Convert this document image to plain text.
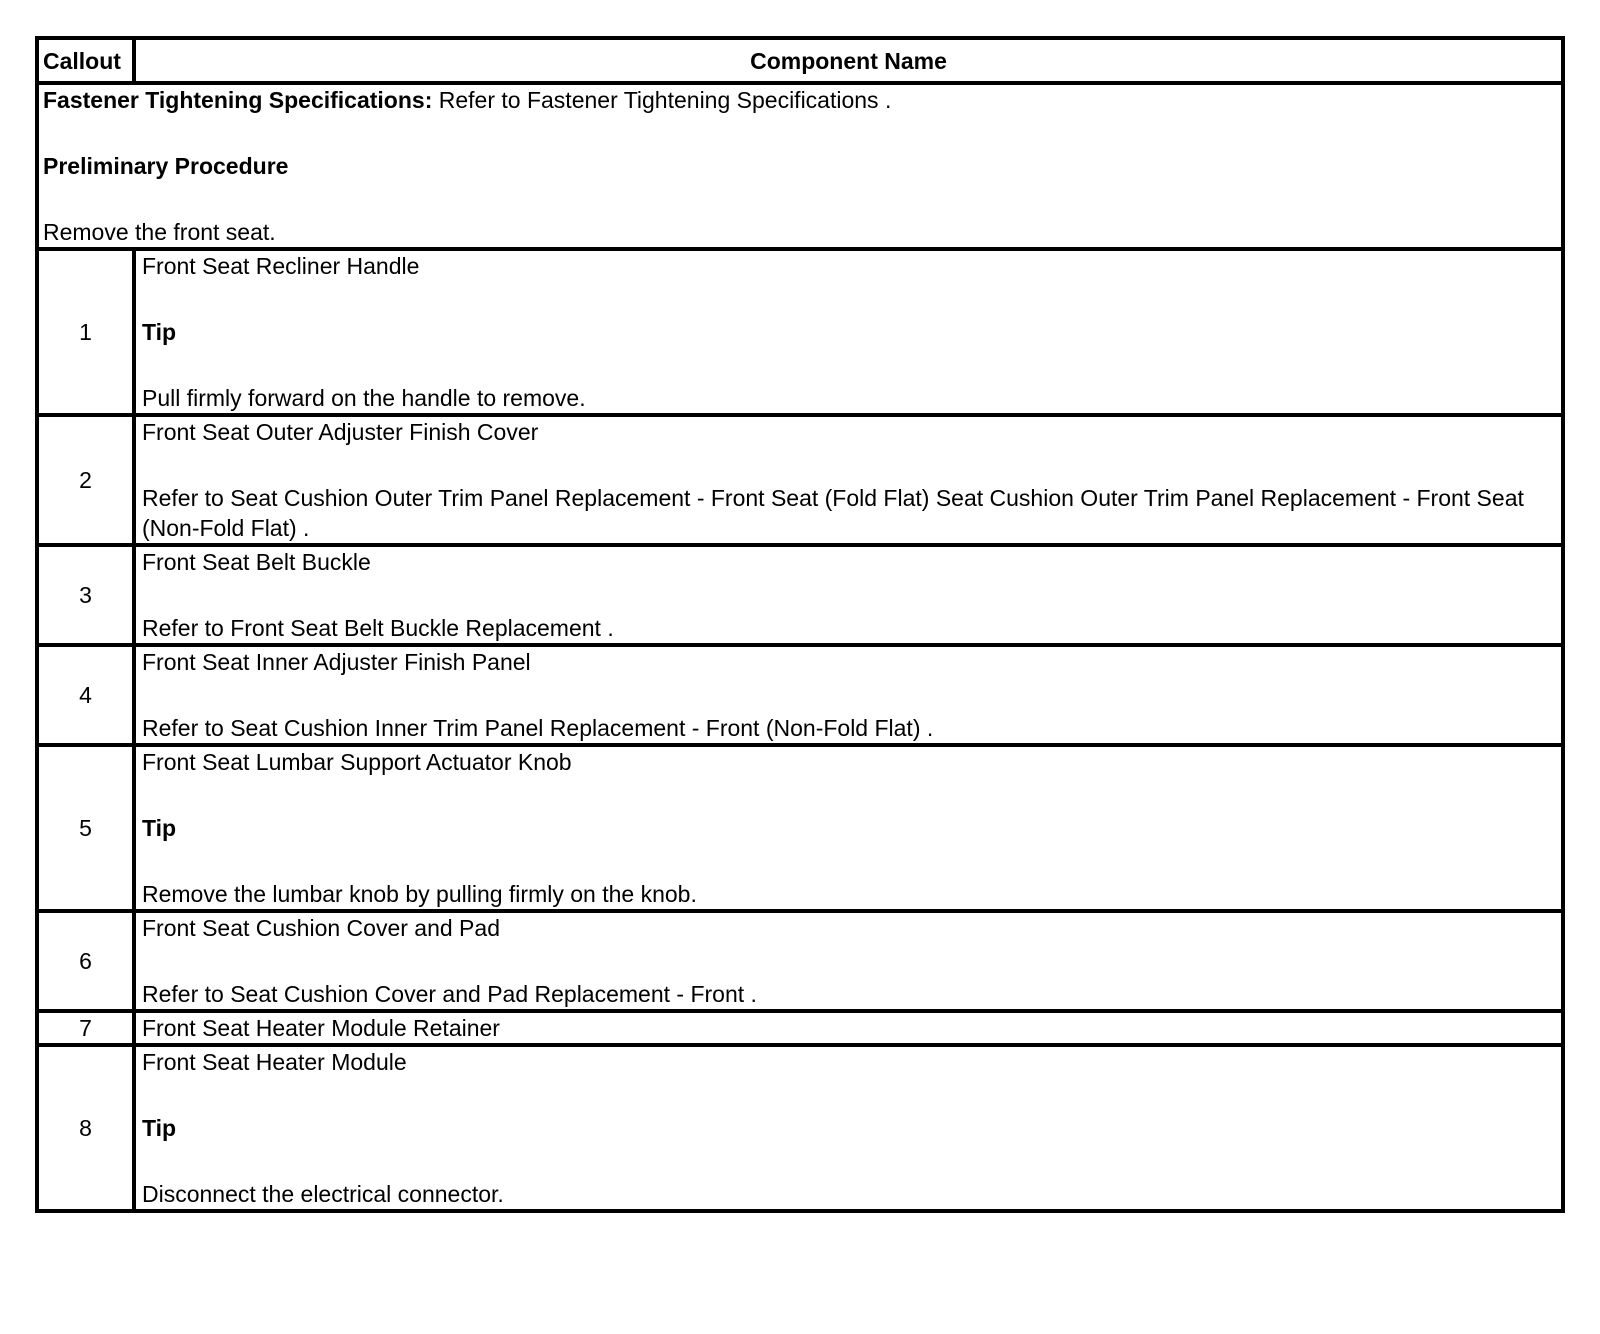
Callout	Component Name

Fastener Tightening Specifications: Refer to Fastener Tightening Specifications .
Preliminary Procedure
Remove the front seat.	

1	Front Seat Recliner Handle
Tip
Pull firmly forward on the handle to remove.

2	Front Seat Outer Adjuster Finish Cover
Refer to Seat Cushion Outer Trim Panel Replacement - Front Seat (Fold Flat) Seat Cushion Outer Trim Panel Replacement - Front Seat (Non-Fold Flat) .

3	Front Seat Belt Buckle
Refer to Front Seat Belt Buckle Replacement .

4	Front Seat Inner Adjuster Finish Panel
Refer to Seat Cushion Inner Trim Panel Replacement - Front (Non-Fold Flat) .

5	Front Seat Lumbar Support Actuator Knob
Tip
Remove the lumbar knob by pulling firmly on the knob.

6	Front Seat Cushion Cover and Pad
Refer to Seat Cushion Cover and Pad Replacement - Front .

7	Front Seat Heater Module Retainer

8	Front Seat Heater Module
Tip
Disconnect the electrical connector.
